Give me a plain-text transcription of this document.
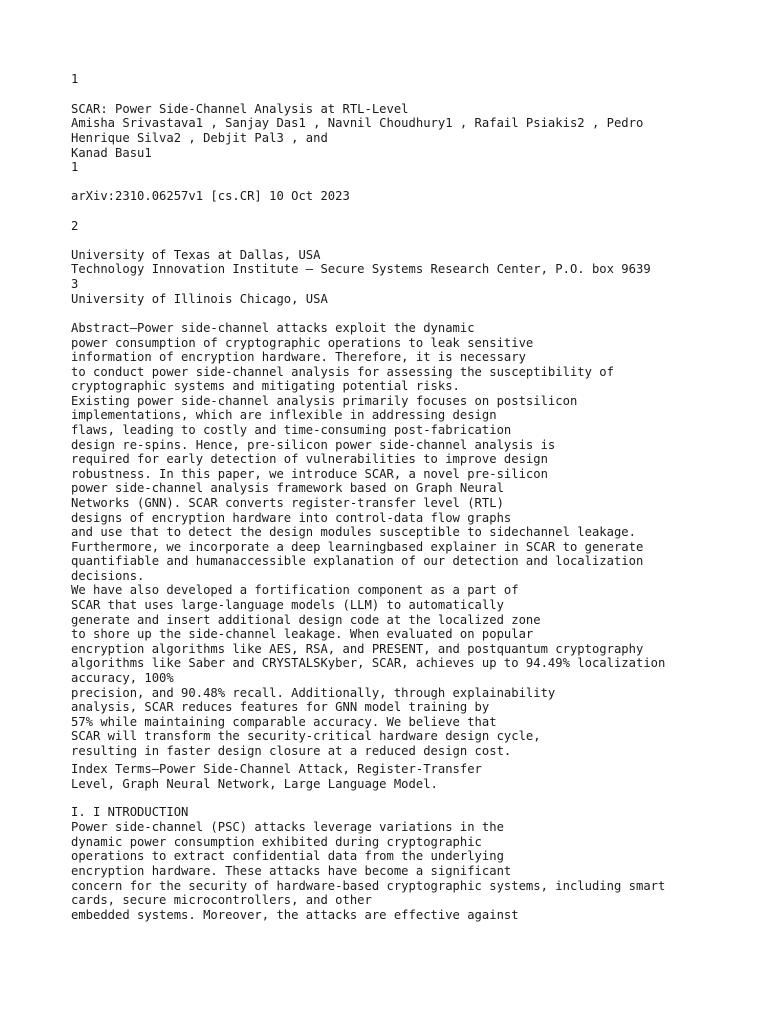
1
SCAR: Power Side-Channel Analysis at RTL-Level
Amisha Srivastava1 , Sanjay Das1 , Navnil Choudhury1 , Rafail Psiakis2 , Pedro
Henrique Silva2 , Debjit Pal3 , and
Kanad Basu1
1
arXiv:2310.06257v1 [cs.CR] 10 Oct 2023
2
University of Texas at Dallas, USA
Technology Innovation Institute – Secure Systems Research Center, P.O. box 9639
3
University of Illinois Chicago, USA
Abstract—Power side-channel attacks exploit the dynamic
power consumption of cryptographic operations to leak sensitive
information of encryption hardware. Therefore, it is necessary
to conduct power side-channel analysis for assessing the susceptibility of
cryptographic systems and mitigating potential risks.
Existing power side-channel analysis primarily focuses on postsilicon
implementations, which are inflexible in addressing design
flaws, leading to costly and time-consuming post-fabrication
design re-spins. Hence, pre-silicon power side-channel analysis is
required for early detection of vulnerabilities to improve design
robustness. In this paper, we introduce SCAR, a novel pre-silicon
power side-channel analysis framework based on Graph Neural
Networks (GNN). SCAR converts register-transfer level (RTL)
designs of encryption hardware into control-data flow graphs
and use that to detect the design modules susceptible to sidechannel leakage.
Furthermore, we incorporate a deep learningbased explainer in SCAR to generate
quantifiable and humanaccessible explanation of our detection and localization
decisions.
We have also developed a fortification component as a part of
SCAR that uses large-language models (LLM) to automatically
generate and insert additional design code at the localized zone
to shore up the side-channel leakage. When evaluated on popular
encryption algorithms like AES, RSA, and PRESENT, and postquantum cryptography
algorithms like Saber and CRYSTALSKyber, SCAR, achieves up to 94.49% localization
accuracy, 100%
precision, and 90.48% recall. Additionally, through explainability
analysis, SCAR reduces features for GNN model training by
57% while maintaining comparable accuracy. We believe that
SCAR will transform the security-critical hardware design cycle,
resulting in faster design closure at a reduced design cost.
Index Terms—Power Side-Channel Attack, Register-Transfer
Level, Graph Neural Network, Large Language Model.
I. I NTRODUCTION
Power side-channel (PSC) attacks leverage variations in the
dynamic power consumption exhibited during cryptographic
operations to extract confidential data from the underlying
encryption hardware. These attacks have become a significant
concern for the security of hardware-based cryptographic systems, including smart
cards, secure microcontrollers, and other
embedded systems. Moreover, the attacks are effective against
